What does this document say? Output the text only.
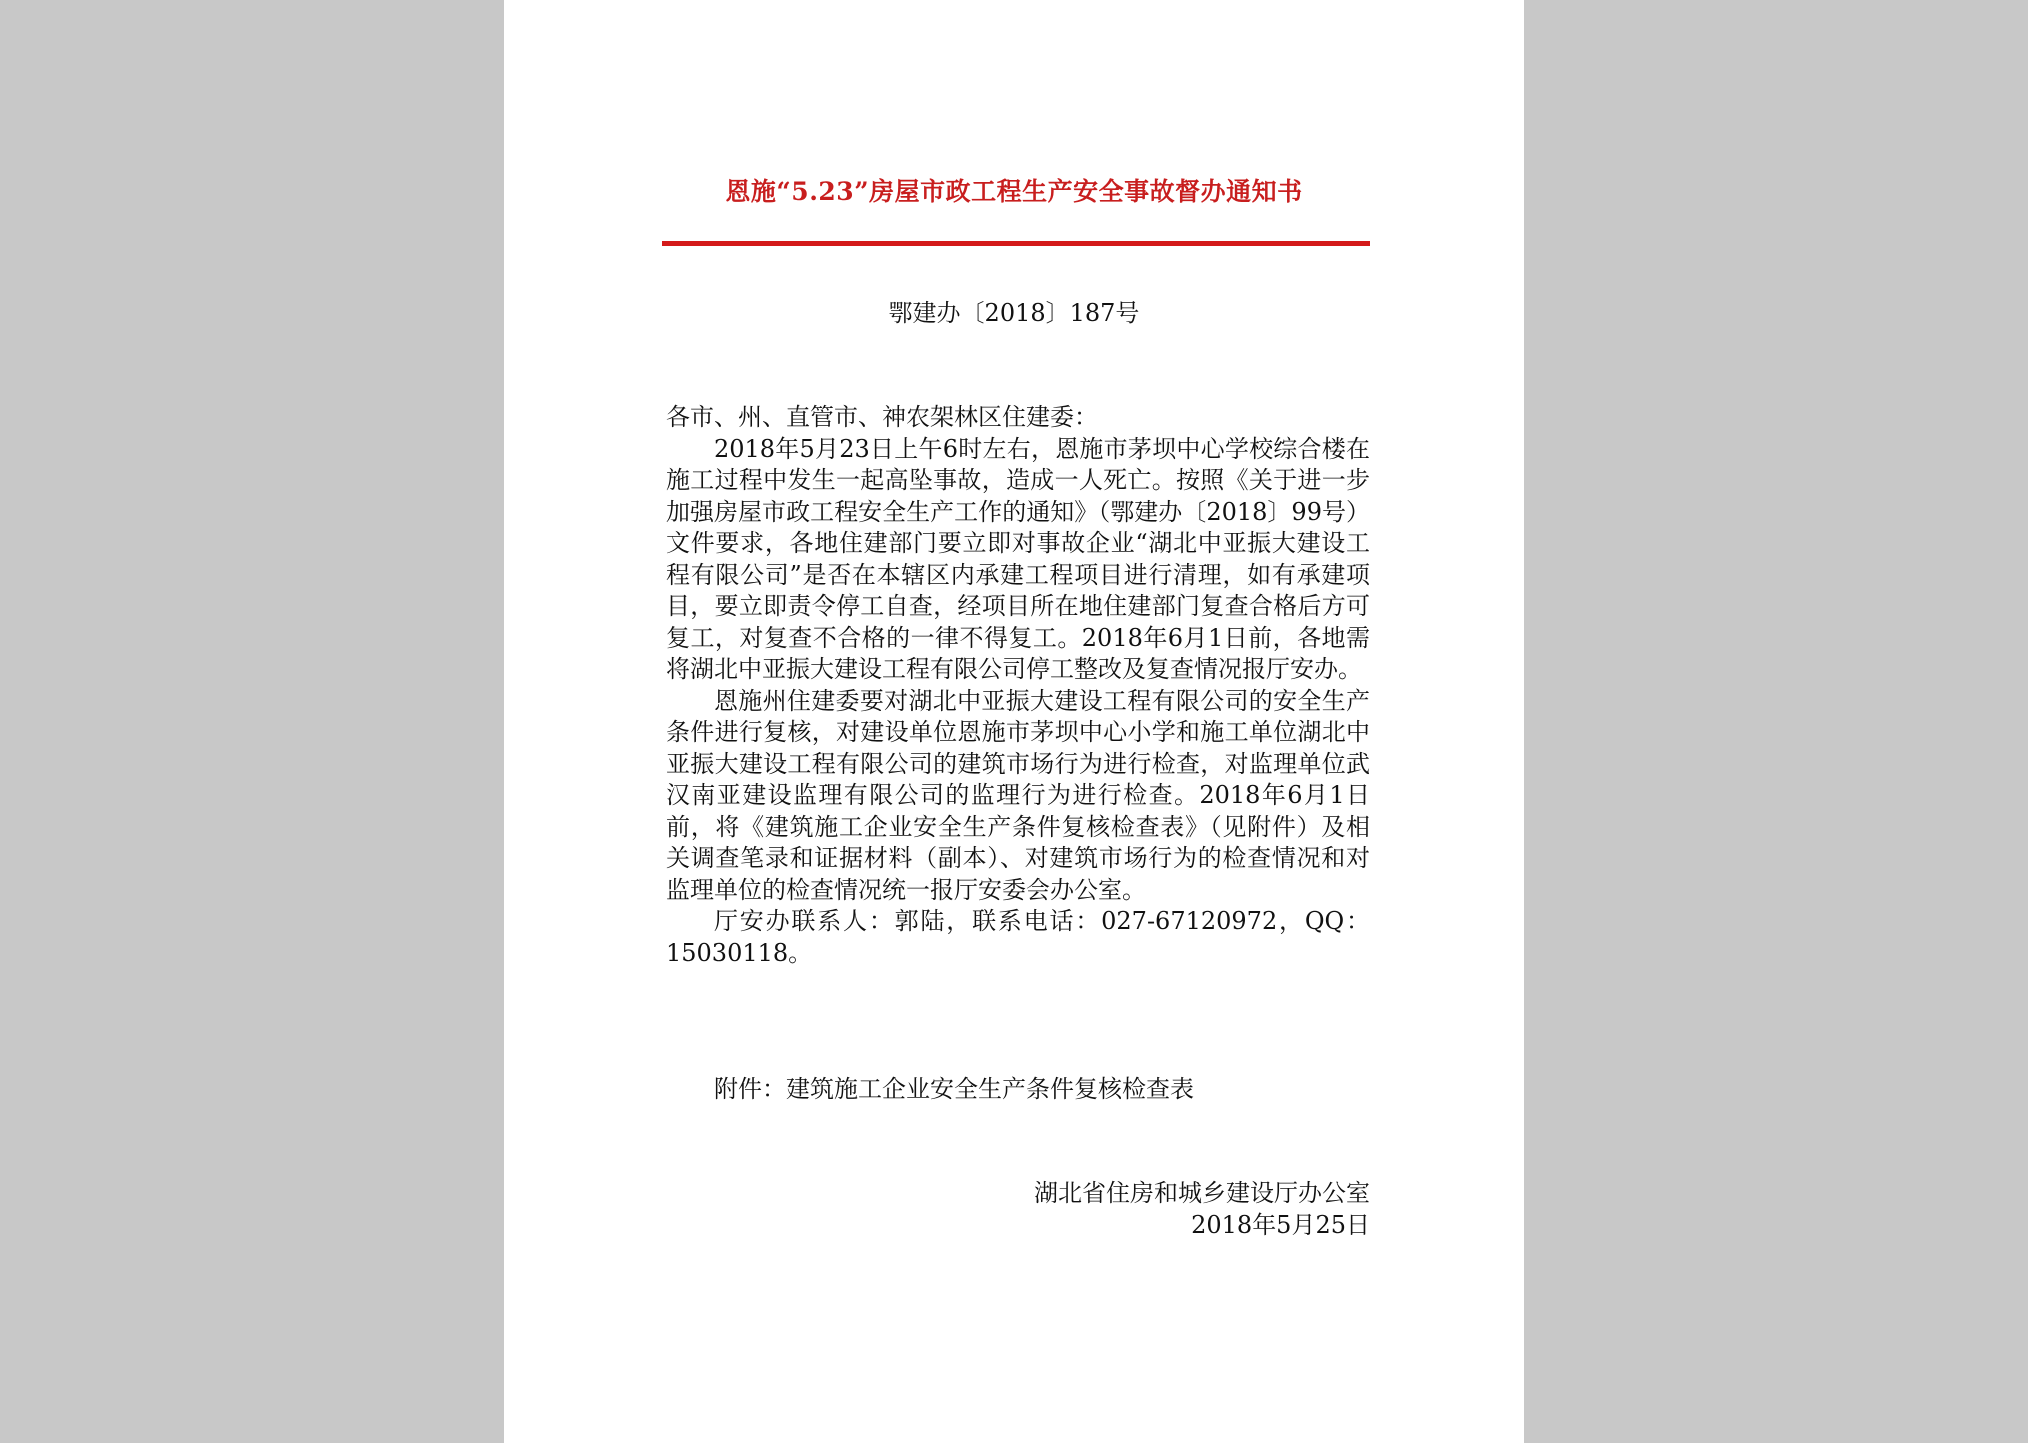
恩施“5.23”房屋市政工程生产安全事故督办通知书
鄂建办〔2018〕187号

各市、州、直管市、神农架林区住建委：

2018年5月23日上午6时左右，恩施市茅坝中心学校综合楼在施工过程中发生一起高坠事故，造成一人死亡。按照《关于进一步加强房屋市政工程安全生产工作的通知》（鄂建办〔2018〕99号）文件要求，各地住建部门要立即对事故企业“湖北中亚振大建设工程有限公司”是否在本辖区内承建工程项目进行清理，如有承建项目，要立即责令停工自查，经项目所在地住建部门复查合格后方可复工，对复查不合格的一律不得复工。2018年6月1日前，各地需将湖北中亚振大建设工程有限公司停工整改及复查情况报厅安办。

恩施州住建委要对湖北中亚振大建设工程有限公司的安全生产条件进行复核，对建设单位恩施市茅坝中心小学和施工单位湖北中亚振大建设工程有限公司的建筑市场行为进行检查，对监理单位武汉南亚建设监理有限公司的监理行为进行检查。2018年6月1日前，将《建筑施工企业安全生产条件复核检查表》（见附件）及相关调查笔录和证据材料（副本）、对建筑市场行为的检查情况和对监理单位的检查情况统一报厅安委会办公室。

厅安办联系人：郭陆，联系电话：027-67120972，QQ：15030118。

附件：建筑施工企业安全生产条件复核检查表
湖北省住房和城乡建设厅办公室
2018年5月25日
